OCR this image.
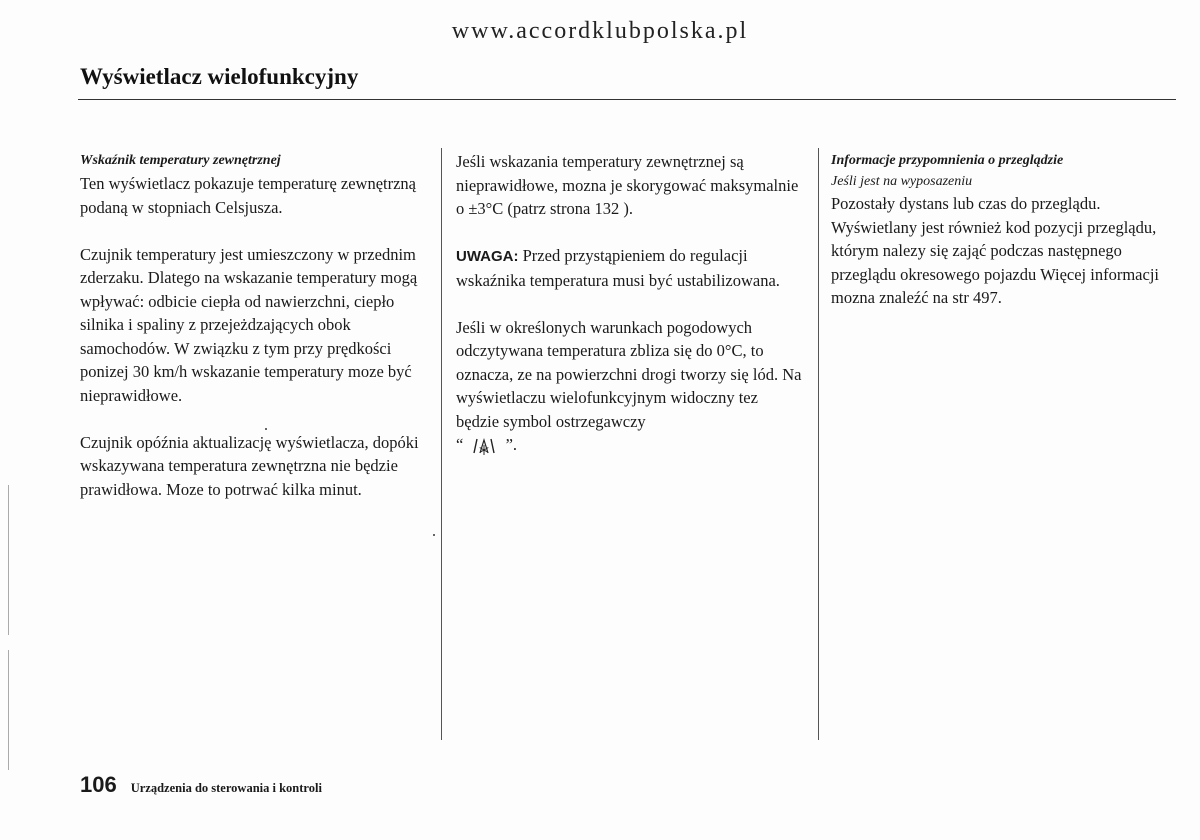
www.accordklubpolska.pl
Wyświetlacz wielofunkcyjny
Wskaźnik temperatury zewnętrznej

Ten wyświetlacz pokazuje temperaturę zewnętrzną podaną w stopniach Celsjusza.

Czujnik temperatury jest umieszczony w przednim zderzaku. Dlatego na wskazanie temperatury mogą wpływać: odbicie ciepła od nawierzchni, ciepło silnika i spaliny z przejeżdzających obok samochodów. W związku z tym przy prędkości ponizej 30 km/h wskazanie temperatury moze być nieprawidłowe.

Czujnik opóźnia aktualizację wyświetlacza, dopóki wskazywana temperatura zewnętrzna nie będzie prawidłowa. Moze to potrwać kilka minut.

Jeśli wskazania temperatury zewnętrznej są nieprawidłowe, mozna je skorygować maksymalnie o ±3°C (patrz strona 132 ).

UWAGA: Przed przystąpieniem do regulacji wskaźnika temperatura musi być ustabilizowana.

Jeśli w określonych warunkach pogodowych odczytywana temperatura zbliza się do 0°C, to oznacza, ze na powierzchni drogi tworzy się lód. Na wyświetlaczu wielofunkcyjnym widoczny tez będzie symbol ostrzegawczy
“	”.

Informacje przypomnienia o przeglądzie
Jeśli jest na wyposazeniu

Pozostały dystans lub czas do przeglądu. Wyświetlany jest również kod pozycji przeglądu, którym nalezy się zająć podczas następnego przeglądu okresowego pojazdu Więcej informacji mozna znaleźć na str 497.

106 Urządzenia do sterowania i kontroli
